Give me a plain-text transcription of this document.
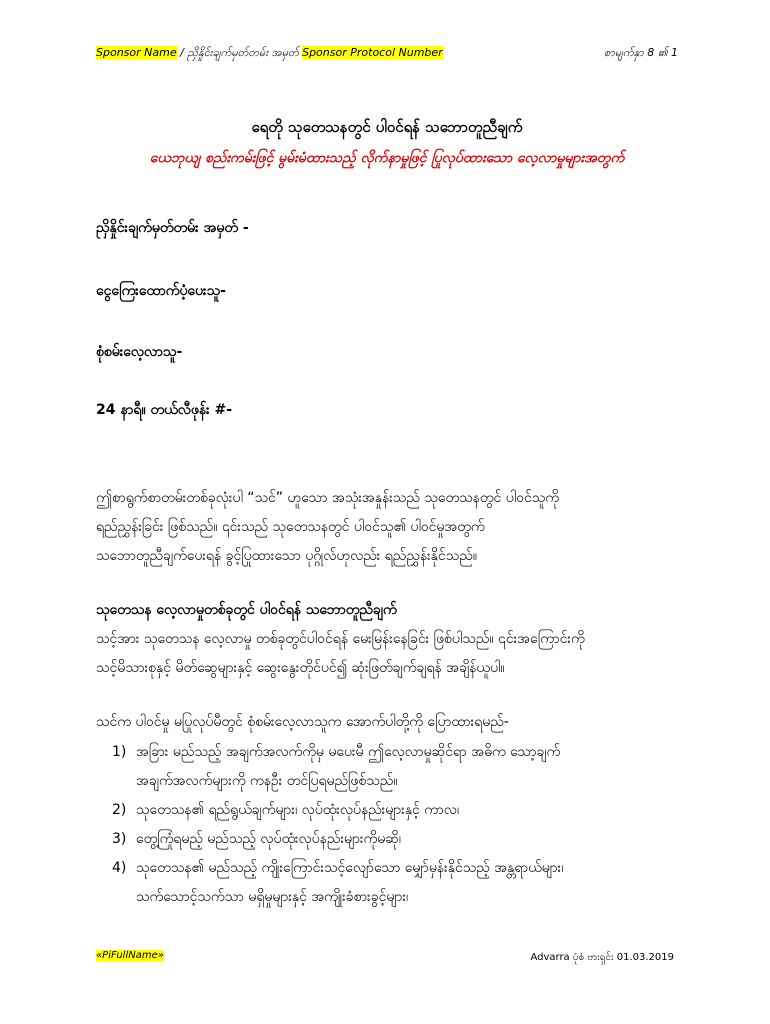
Sponsor Name / ညှိနှိုင်းချက်မှတ်တမ်း အမှတ် Sponsor Protocol Number	စာမျက်နှာ 8 ၏ 1
ရေတို သုတေသနတွင် ပါဝင်ရန် သဘောတူညီချက်
ယေဘုယျ စည်းကမ်းဖြင့် မွမ်းမံထားသည့် လိုက်နာမှုဖြင့် ပြုလုပ်ထားသော လေ့လာမှုများအတွက်
ညှိနှိုင်းချက်မှတ်တမ်း အမှတ် -
ငွေကြေးထောက်ပံ့ပေးသူ-
စုံစမ်းလေ့လာသူ-
24 နာရီ။ တယ်လီဖုန်း #-
ဤစာရွက်စာတမ်းတစ်ခုလုံးပါ “သင်” ဟူသော အသုံးအနှုန်းသည် သုတေသနတွင် ပါဝင်သူကို
ရည်ညွှန်းခြင်း ဖြစ်သည်။ ၎င်းသည် သုတေသနတွင် ပါဝင်သူ၏ ပါဝင်မှုအတွက်
သဘောတူညီချက်ပေးရန် ခွင့်ပြုထားသော ပုဂ္ဂိုလ်ဟုလည်း ရည်ညွှန်းနိုင်သည်။
သုတေသန လေ့လာမှုတစ်ခုတွင် ပါဝင်ရန် သဘောတူညီချက်
သင့်အား သုတေသန လေ့လာမှု တစ်ခုတွင်ပါဝင်ရန် မေးမြန်းနေခြင်း ဖြစ်ပါသည်။ ၎င်းအကြောင်းကို
သင့်မိသားစုနှင့် မိတ်ဆွေများနှင့် ဆွေးနွေးတိုင်ပင်၍ ဆုံးဖြတ်ချက်ချရန် အချိန်ယူပါ။
သင်က ပါဝင်မှု မပြုလုပ်မီတွင် စုံစမ်းလေ့လာသူက အောက်ပါတို့ကို ပြောထားရမည်-
1) အခြား မည်သည့် အချက်အလက်ကိုမှ မပေးမီ ဤလေ့လာမှုဆိုင်ရာ အဓိက သော့ချက်
အချက်အလက်များကို ကနဦး တင်ပြရမည်ဖြစ်သည်။
2) သုတေသန၏ ရည်ရွယ်ချက်များ၊ လုပ်ထုံးလုပ်နည်းများနှင့် ကာလ၊
3) တွေ့ကြုံရမည့် မည်သည့် လုပ်ထုံးလုပ်နည်းများကိုမဆို၊
4) သုတေသန၏ မည်သည့် ကျိုးကြောင်းသင့်လျော်သော မျှော်မှန်းနိုင်သည့် အန္တရာယ်များ၊
သက်သောင့်သက်သာ မရှိမှုများနှင့် အကျိုးခံစားခွင့်များ၊
«PiFullName»	Advarra ပုံစံ ဗားရှင်း 01.03.2019
